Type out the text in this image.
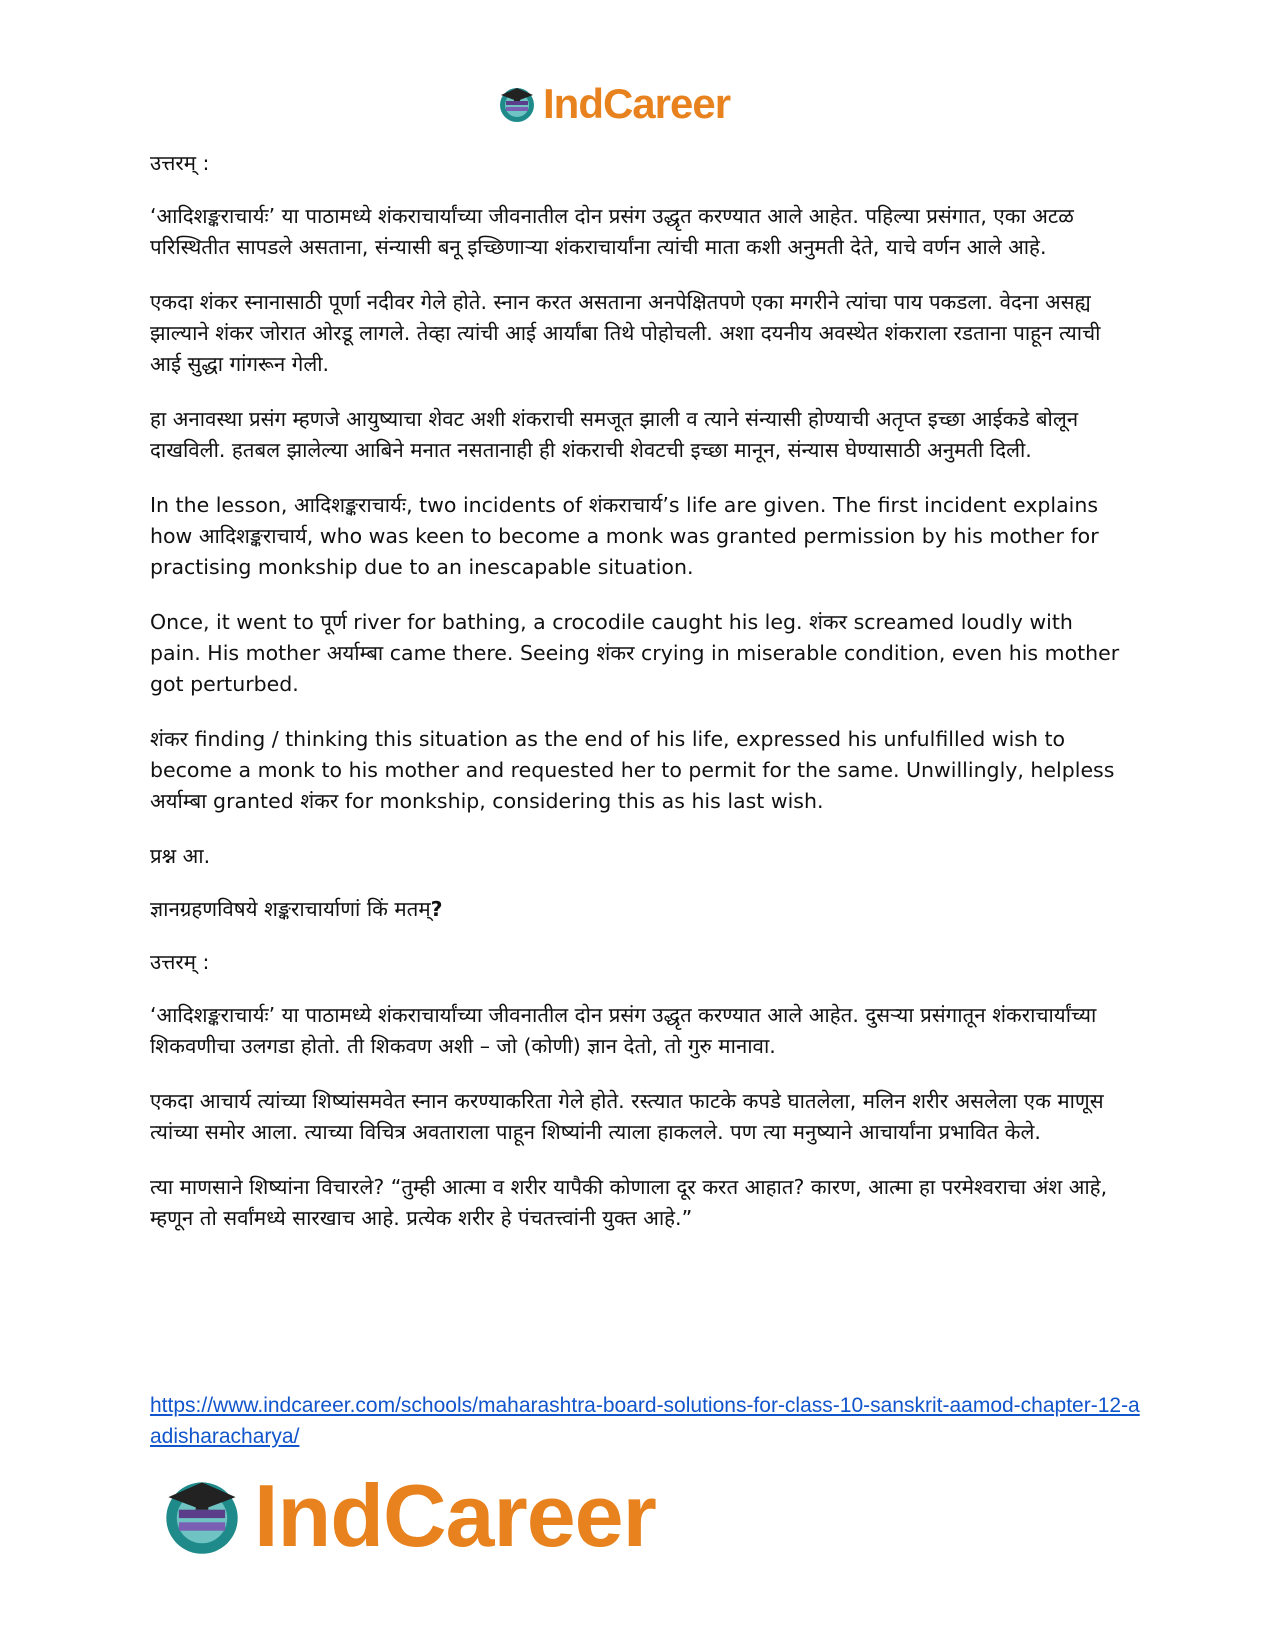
IndCareer

उत्तरम् :

‘आदिशङ्कराचार्यः’ या पाठामध्ये शंकराचार्यांच्या जीवनातील दोन प्रसंग उद्धृत करण्यात आले आहेत. पहिल्या प्रसंगात, एका अटळ परिस्थितीत सापडले असताना, संन्यासी बनू इच्छिणाऱ्या शंकराचार्यांना त्यांची माता कशी अनुमती देते, याचे वर्णन आले आहे.

एकदा शंकर स्नानासाठी पूर्णा नदीवर गेले होते. स्नान करत असताना अनपेक्षितपणे एका मगरीने त्यांचा पाय पकडला. वेदना असह्य झाल्याने शंकर जोरात ओरडू लागले. तेव्हा त्यांची आई आर्यांबा तिथे पोहोचली. अशा दयनीय अवस्थेत शंकराला रडताना पाहून त्याची आई सुद्धा गांगरून गेली.

हा अनावस्था प्रसंग म्हणजे आयुष्याचा शेवट अशी शंकराची समजूत झाली व त्याने संन्यासी होण्याची अतृप्त इच्छा आईकडे बोलून दाखविली. हतबल झालेल्या आबिने मनात नसतानाही ही शंकराची शेवटची इच्छा मानून, संन्यास घेण्यासाठी अनुमती दिली.

In the lesson, आदिशङ्कराचार्यः, two incidents of शंकराचार्य’s life are given. The first incident explains how आदिशङ्कराचार्य, who was keen to become a monk was granted permission by his mother for practising monkship due to an inescapable situation.

Once, it went to पूर्ण river for bathing, a crocodile caught his leg. शंकर screamed loudly with pain. His mother अर्याम्बा came there. Seeing शंकर crying in miserable condition, even his mother got perturbed.

शंकर finding / thinking this situation as the end of his life, expressed his unfulfilled wish to become a monk to his mother and requested her to permit for the same. Unwillingly, helpless अर्याम्बा granted शंकर for monkship, considering this as his last wish.

प्रश्न आ.

ज्ञानग्रहणविषये शङ्कराचार्याणां किं मतम्?

उत्तरम् :

‘आदिशङ्कराचार्यः’ या पाठामध्ये शंकराचार्यांच्या जीवनातील दोन प्रसंग उद्धृत करण्यात आले आहेत. दुसऱ्या प्रसंगातून शंकराचार्यांच्या शिकवणीचा उलगडा होतो. ती शिकवण अशी – जो (कोणी) ज्ञान देतो, तो गुरु मानावा.

एकदा आचार्य त्यांच्या शिष्यांसमवेत स्नान करण्याकरिता गेले होते. रस्त्यात फाटके कपडे घातलेला, मलिन शरीर असलेला एक माणूस त्यांच्या समोर आला. त्याच्या विचित्र अवताराला पाहून शिष्यांनी त्याला हाकलले. पण त्या मनुष्याने आचार्यांना प्रभावित केले.

त्या माणसाने शिष्यांना विचारले? “तुम्ही आत्मा व शरीर यापैकी कोणाला दूर करत आहात? कारण, आत्मा हा परमेश्वराचा अंश आहे, म्हणून तो सर्वांमध्ये सारखाच आहे. प्रत्येक शरीर हे पंचतत्त्वांनी युक्त आहे.”

https://www.indcareer.com/schools/maharashtra-board-solutions-for-class-10-sanskrit-aamod-chapter-12-aadisharacharya/
IndCareer
